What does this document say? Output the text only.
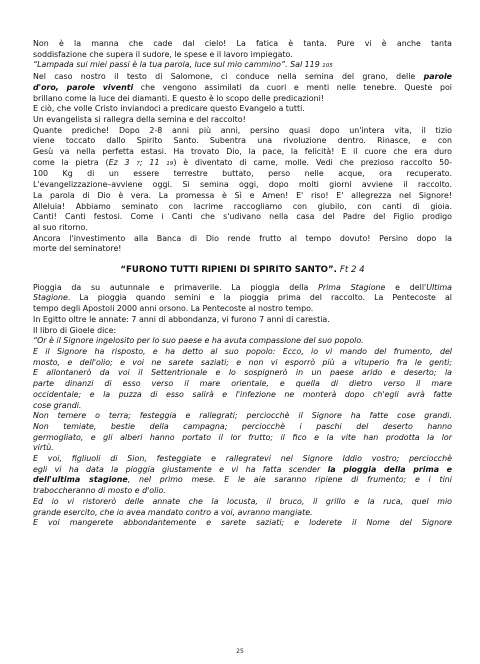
Non è la manna che cade dal cielo! La fatica è tanta. Pure vi è anche tanta
soddisfazione che supera il sudore, le spese e il lavoro impiegato.
“Lampada sui miei passi è la tua parola, luce sul mio cammino”. Sal 119 105
Nel caso nostro il testo di Salomone, ci conduce nella semina del grano, delle parole
d'oro, parole viventi che vengono assimilati da cuori e menti nelle tenebre. Queste poi
brillano come la luce dei diamanti. E questo è lo scopo delle predicazioni!
E ciò, che volle Cristo inviandoci a predicare questo Evangelo a tutti.
Un evangelista si rallegra della semina e del raccolto!
Quante prediche! Dopo 2-8 anni più anni, persino quasi dopo un'intera vita, il tizio
viene toccato dallo Spirito Santo. Subentra una rivoluzione dentro. Rinasce, e con
Gesù va nella perfetta estasi. Ha trovato Dio, la pace, la felicità! E il cuore che era duro
come la pietra (Ez 3 7; 11 19) è diventato di carne, molle. Vedi che prezioso raccolto 50-
100 Kg di un essere terrestre buttato, perso nelle acque, ora recuperato.
L'evangelizzazione–avviene oggi. Si semina oggi, dopo molti giorni avviene il raccolto.
La parola di Dio è vera. La promessa è Sì e Amen! E' riso! E' allegrezza nel Signore!
Alleluia! Abbiamo seminato con lacrime raccogliamo con giubilo, con canti di gioia.
Canti! Canti festosi. Come i Canti che s'udivano nella casa del Padre del Figlio prodigo
al suo ritorno.
Ancora l'investimento alla Banca di Dio rende frutto al tempo dovuto! Persino dopo la
morte del seminatore!
“FURONO TUTTI RIPIENI DI SPIRITO SANTO”. Ft 2 4
Pioggia da su autunnale e primaverile. La pioggia della Prima Stagione e dell'Ultima
Stagione. La pioggia quando semini e la pioggia prima del raccolto. La Pentecoste al
tempo degli Apostoli 2000 anni orsono. La Pentecoste al nostro tempo.
In Egitto oltre le annate: 7 anni di abbondanza, vi furono 7 anni di carestia.
Il libro di Gioele dice:
“Or è il Signore ingelosito per lo suo paese e ha avuta compassione del suo popolo.
E il Signore ha risposto, e ha detto al suo popolo: Ecco, io vi mando del frumento, del
mosto, e dell'olio; e voi ne sarete saziati; e non vi esporrò più a vituperio fra le genti;
E allontanerò da voi il Settentrionale e lo sospignerò in un paese arido e deserto; la
parte dinanzi di esso verso il mare orientale, e quella di dietro verso il mare
occidentale; e la puzza di esso salirà e l'infezione ne monterà dopo ch'egli avrà fatte
cose grandi.
Non temere o terra; festeggia e rallegrati; perciocchè il Signore ha fatte cose grandi.
Non temiate, bestie della campagna; perciocchè i paschi del deserto hanno
germogliato, e gli alberi hanno portato il lor frutto; il fico e la vite han prodotta la lor
virtù.
E voi, figliuoli di Sion, festeggiate e rallegratevi nel Signore Iddio vostro; perciocchè
egli vi ha data la pioggia giustamente e vi ha fatta scender la pioggia della prima e
dell'ultima stagione, nel primo mese. E le aie saranno ripiene di frumento; e i tini
traboccheranno di mosto e d'olio.
Ed io vi ristorerò delle annate che la locusta, il bruco, il grillo e la ruca, quel mio
grande esercito, che io avea mandato contro a voi, avranno mangiate.
E voi mangerete abbondantemente e sarete saziati; e loderete il Nome del Signore
25
